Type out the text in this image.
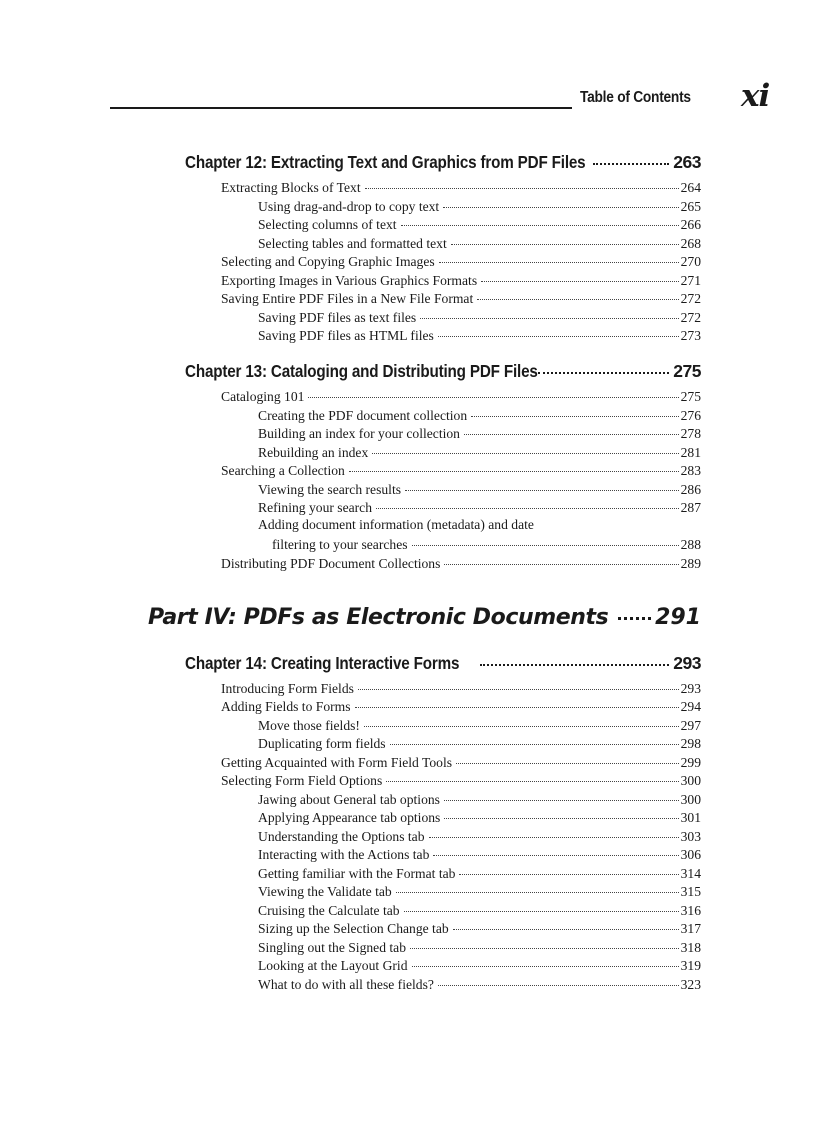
Table of Contents xi
Chapter 12: Extracting Text and Graphics from PDF Files	263
Extracting Blocks of Text	264
Using drag-and-drop to copy text	265
Selecting columns of text	266
Selecting tables and formatted text	268
Selecting and Copying Graphic Images	270
Exporting Images in Various Graphics Formats	271
Saving Entire PDF Files in a New File Format	272
Saving PDF files as text files	272
Saving PDF files as HTML files	273
Chapter 13: Cataloging and Distributing PDF Files	275
Cataloging 101	275
Creating the PDF document collection	276
Building an index for your collection	278
Rebuilding an index	281
Searching a Collection	283
Viewing the search results	286
Refining your search	287
Adding document information (metadata) and date
filtering to your searches	288
Distributing PDF Document Collections	289
Part IV: PDFs as Electronic Documents 291
Chapter 14: Creating Interactive Forms	293
Introducing Form Fields	293
Adding Fields to Forms	294
Move those fields!	297
Duplicating form fields	298
Getting Acquainted with Form Field Tools	299
Selecting Form Field Options	300
Jawing about General tab options	300
Applying Appearance tab options	301
Understanding the Options tab	303
Interacting with the Actions tab	306
Getting familiar with the Format tab	314
Viewing the Validate tab	315
Cruising the Calculate tab	316
Sizing up the Selection Change tab	317
Singling out the Signed tab	318
Looking at the Layout Grid	319
What to do with all these fields?	323
